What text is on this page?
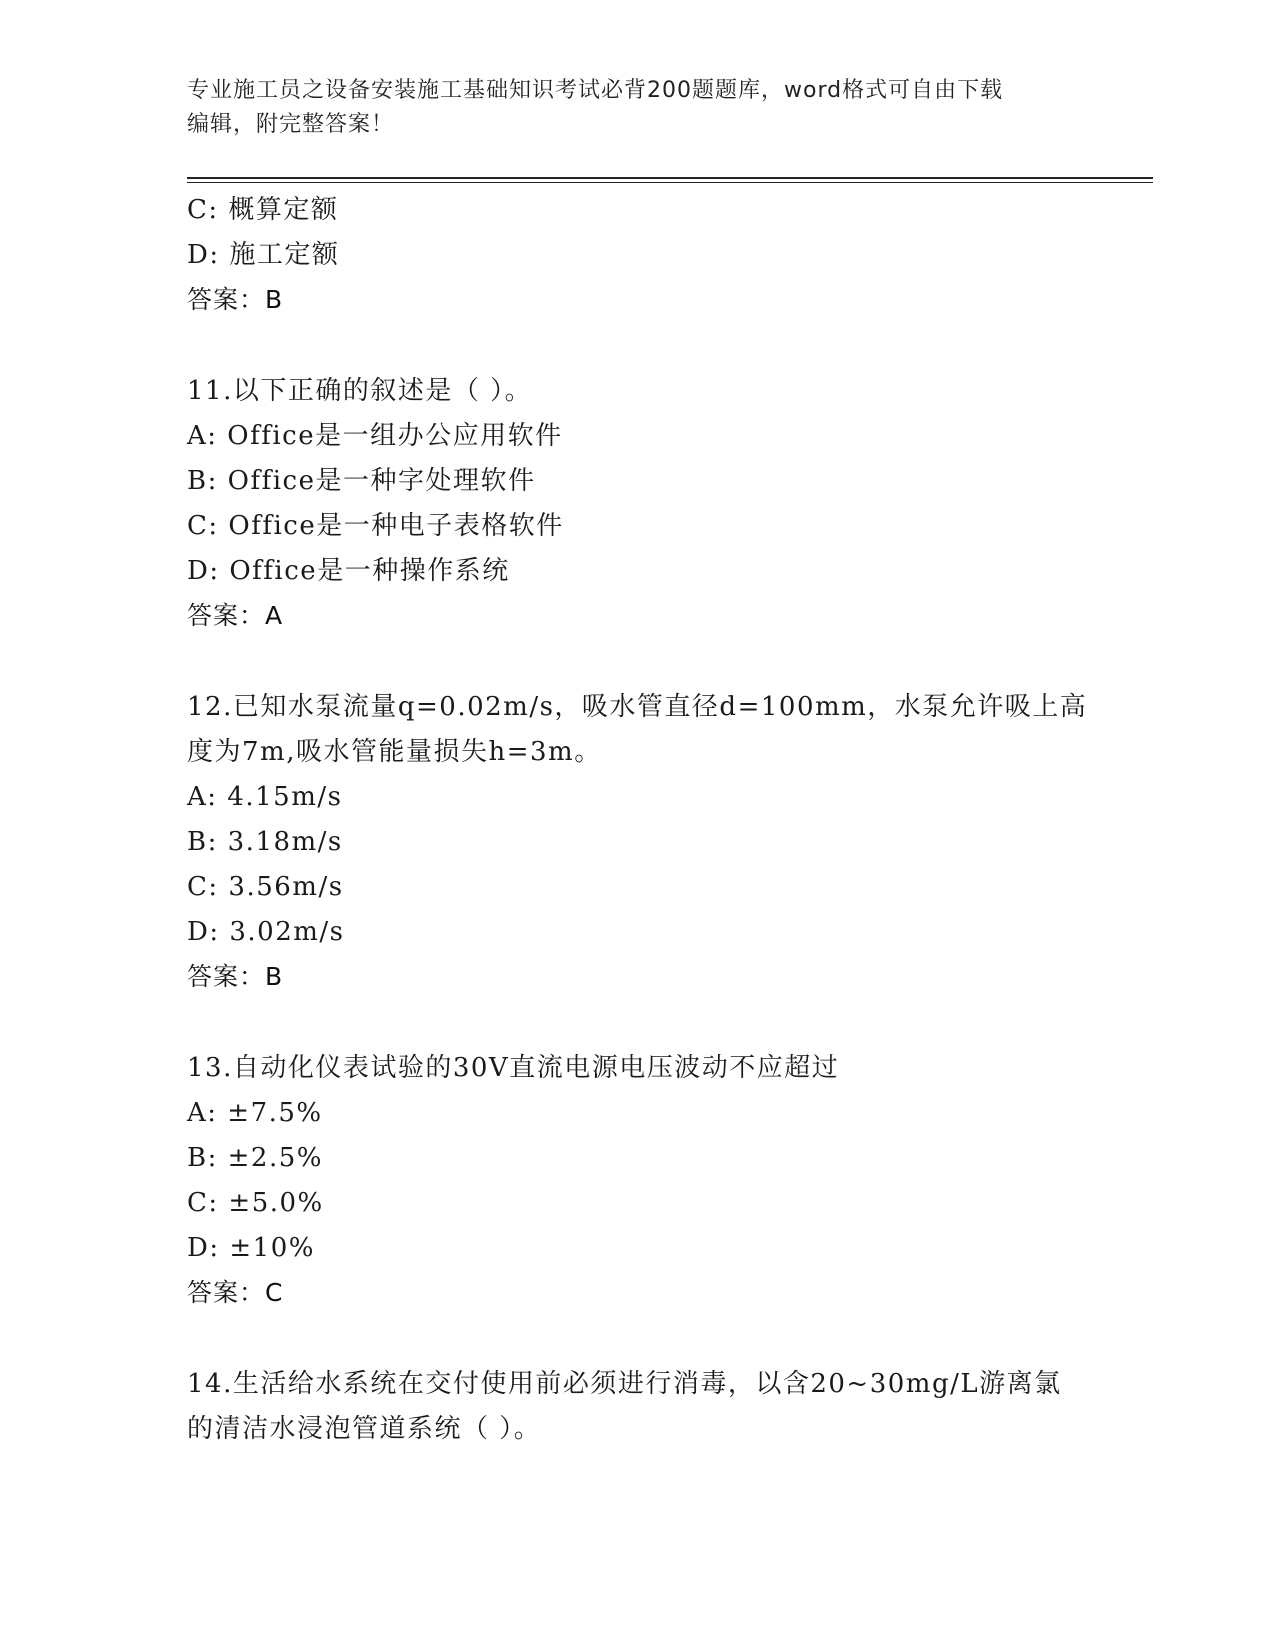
专业施工员之设备安装施工基础知识考试必背200题题库，word格式可自由下载
编辑，附完整答案！
C: 概算定额
D: 施工定额
答案：B
11.以下正确的叙述是（ ）。
A: Office是一组办公应用软件
B: Office是一种字处理软件
C: Office是一种电子表格软件
D: Office是一种操作系统
答案：A
12.已知水泵流量q=0.02m/s，吸水管直径d=100mm，水泵允许吸上高
度为7m,吸水管能量损失h=3m。
A: 4.15m/s
B: 3.18m/s
C: 3.56m/s
D: 3.02m/s
答案：B
13.自动化仪表试验的30V直流电源电压波动不应超过
A: ±7.5%
B: ±2.5%
C: ±5.0%
D: ±10%
答案：C
14.生活给水系统在交付使用前必须进行消毒，以含20~30mg/L游离氯
的清洁水浸泡管道系统（ ）。
